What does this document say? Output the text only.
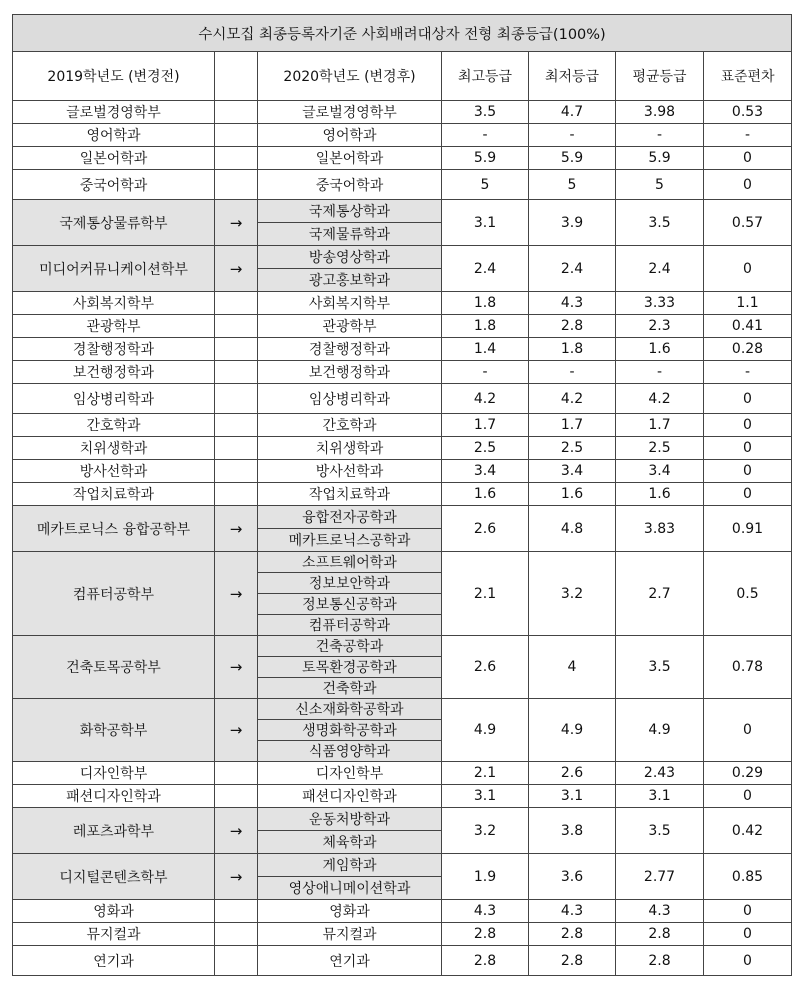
수시모집 최종등록자기준 사회배려대상자 전형 최종등급(100%)						
2019학년도 (변경전)		2020학년도 (변경후)	최고등급	최저등급	평균등급	표준편차
글로벌경영학부		글로벌경영학부	3.5	4.7	3.98	0.53
영어학과		영어학과	-	-	-	-
일본어학과		일본어학과	5.9	5.9	5.9	0
중국어학과		중국어학과	5	5	5	0
국제통상물류학부	→	국제통상학과	3.1	3.9	3.5	0.57
		국제물류학과				
미디어커뮤니케이션학부	→	방송영상학과	2.4	2.4	2.4	0
		광고홍보학과				
사회복지학부		사회복지학부	1.8	4.3	3.33	1.1
관광학부		관광학부	1.8	2.8	2.3	0.41
경찰행정학과		경찰행정학과	1.4	1.8	1.6	0.28
보건행정학과		보건행정학과	-	-	-	-
임상병리학과		임상병리학과	4.2	4.2	4.2	0
간호학과		간호학과	1.7	1.7	1.7	0
치위생학과		치위생학과	2.5	2.5	2.5	0
방사선학과		방사선학과	3.4	3.4	3.4	0
작업치료학과		작업치료학과	1.6	1.6	1.6	0
메카트로닉스 융합공학부	→	융합전자공학과	2.6	4.8	3.83	0.91
		메카트로닉스공학과				
컴퓨터공학부	→	소프트웨어학과	2.1	3.2	2.7	0.5
		정보보안학과				
		정보통신공학과				
		컴퓨터공학과				
건축토목공학부	→	건축공학과	2.6	4	3.5	0.78
		토목환경공학과				
		건축학과				
화학공학부	→	신소재화학공학과	4.9	4.9	4.9	0
		생명화학공학과				
		식품영양학과				
디자인학부		디자인학부	2.1	2.6	2.43	0.29
패션디자인학과		패션디자인학과	3.1	3.1	3.1	0
레포츠과학부	→	운동처방학과	3.2	3.8	3.5	0.42
		체육학과				
디지털콘텐츠학부	→	게임학과	1.9	3.6	2.77	0.85
		영상애니메이션학과				
영화과		영화과	4.3	4.3	4.3	0
뮤지컬과		뮤지컬과	2.8	2.8	2.8	0
연기과		연기과	2.8	2.8	2.8	0
